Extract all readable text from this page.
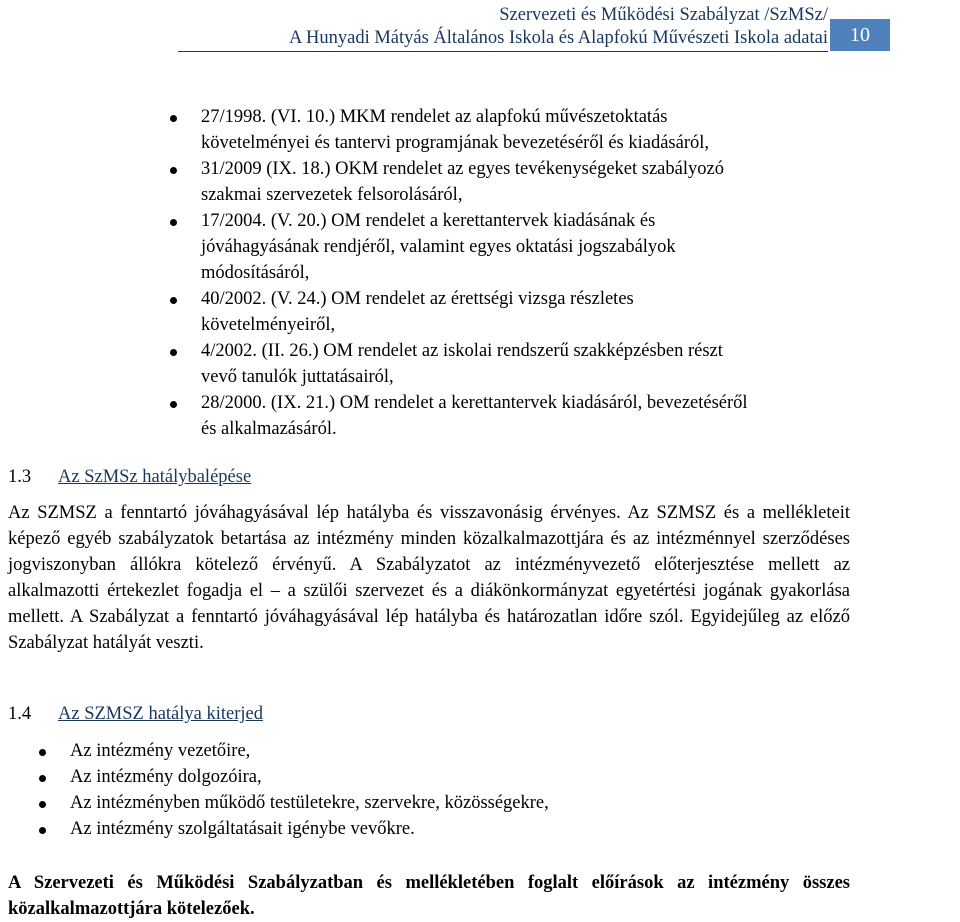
Szervezeti és Működési Szabályzat /SzMSz/
A Hunyadi Mátyás Általános Iskola és Alapfokú Művészeti Iskola adatai	10
27/1998. (VI. 10.) MKM rendelet az alapfokú művészetoktatás
követelményei és tantervi programjának bevezetéséről és kiadásáról,
31/2009 (IX. 18.) OKM rendelet az egyes tevékenységeket szabályozó
szakmai szervezetek felsorolásáról,
17/2004. (V. 20.) OM rendelet a kerettantervek kiadásának és
jóváhagyásának rendjéről, valamint egyes oktatási jogszabályok
módosításáról,
40/2002. (V. 24.) OM rendelet az érettségi vizsga részletes
követelményeiről,
4/2002. (II. 26.) OM rendelet az iskolai rendszerű szakképzésben részt
vevő tanulók juttatásairól,
28/2000. (IX. 21.) OM rendelet a kerettantervek kiadásáról, bevezetéséről
és alkalmazásáról.
1.3 Az SzMSz hatálybalépése

Az SZMSZ a fenntartó jóváhagyásával lép hatályba és visszavonásig érvényes. Az SZMSZ és a mellékleteit képező egyéb szabályzatok betartása az intézmény minden közalkalmazottjára és az intézménnyel szerződéses jogviszonyban állókra kötelező érvényű. A Szabályzatot az intézményvezető előterjesztése mellett az alkalmazotti értekezlet fogadja el – a szülői szervezet és a diákönkormányzat egyetértési jogának gyakorlása mellett. A Szabályzat a fenntartó jóváhagyásával lép hatályba és határozatlan időre szól. Egyidejűleg az előző Szabályzat hatályát veszti.

1.4 Az SZMSZ hatálya kiterjed
Az intézmény vezetőire,
Az intézmény dolgozóira,
Az intézményben működő testületekre, szervekre, közösségekre,
Az intézmény szolgáltatásait igénybe vevőkre.

A Szervezeti és Működési Szabályzatban és mellékletében foglalt előírások az intézmény összes közalkalmazottjára kötelezőek.
